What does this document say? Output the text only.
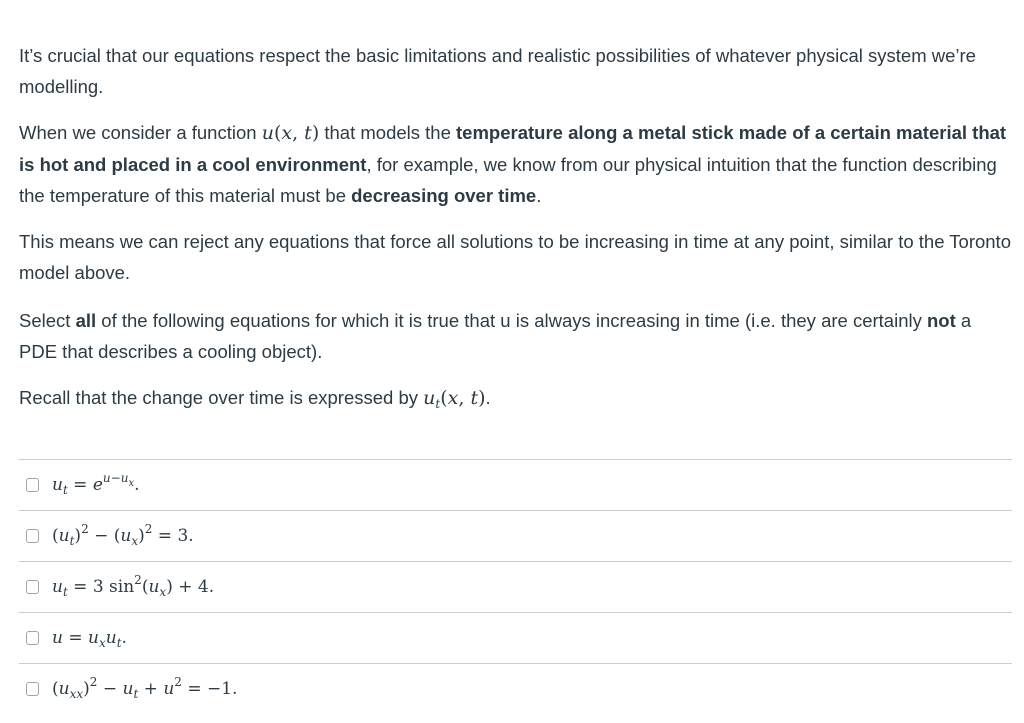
It’s crucial that our equations respect the basic limitations and realistic possibilities of whatever physical system we’re modelling.

When we consider a function u(x, t) that models the temperature along a metal stick made of a certain material that is hot and placed in a cool environment, for example, we know from our physical intuition that the function describing the temperature of this material must be decreasing over time.

This means we can reject any equations that force all solutions to be increasing in time at any point, similar to the Toronto model above.

Select all of the following equations for which it is true that u is always increasing in time (i.e. they are certainly not a PDE that describes a cooling object).

Recall that the change over time is expressed by $u_t(x$, t).

$u_t = e^{u-u_x}$.
$(u_t)^2 - (u_x)^2 = 3$.
$u_t = 3$ $\sin^2(u_x) + 4$.
$u = u_xu_t$.
$(u_{xx})^2 - u_t + u^2 = -1$.
